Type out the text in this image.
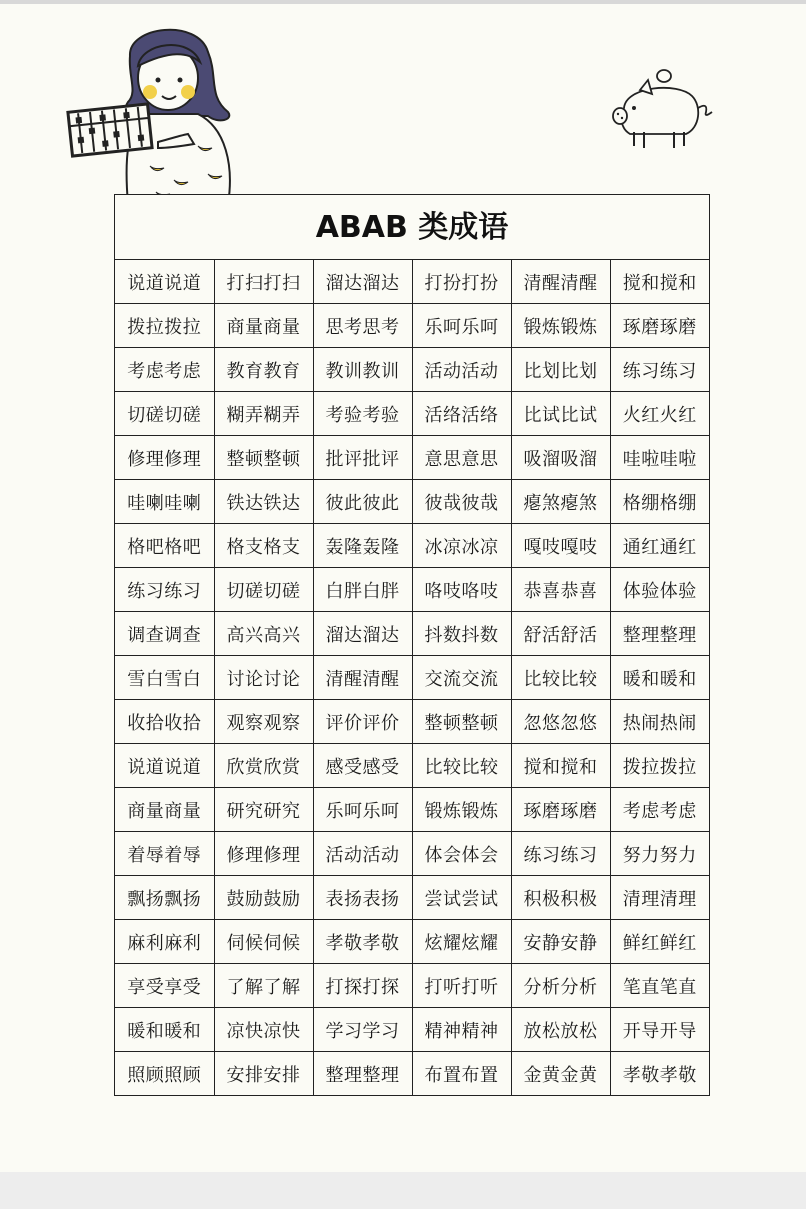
ABAB 类成语
说道说道	打扫打扫	溜达溜达	打扮打扮	清醒清醒	搅和搅和
拨拉拨拉	商量商量	思考思考	乐呵乐呵	锻炼锻炼	琢磨琢磨
考虑考虑	教育教育	教训教训	活动活动	比划比划	练习练习
切磋切磋	糊弄糊弄	考验考验	活络活络	比试比试	火红火红
修理修理	整顿整顿	批评批评	意思意思	吸溜吸溜	哇啦哇啦
哇喇哇喇	铁达铁达	彼此彼此	彼哉彼哉	瘪煞瘪煞	格绷格绷
格吧格吧	格支格支	轰隆轰隆	冰凉冰凉	嘎吱嘎吱	通红通红
练习练习	切磋切磋	白胖白胖	咯吱咯吱	恭喜恭喜	体验体验
调查调查	高兴高兴	溜达溜达	抖数抖数	舒活舒活	整理整理
雪白雪白	讨论讨论	清醒清醒	交流交流	比较比较	暖和暖和
收拾收拾	观察观察	评价评价	整顿整顿	忽悠忽悠	热闹热闹
说道说道	欣赏欣赏	感受感受	比较比较	搅和搅和	拨拉拨拉
商量商量	研究研究	乐呵乐呵	锻炼锻炼	琢磨琢磨	考虑考虑
着辱着辱	修理修理	活动活动	体会体会	练习练习	努力努力
飘扬飘扬	鼓励鼓励	表扬表扬	尝试尝试	积极积极	清理清理
麻利麻利	伺候伺候	孝敬孝敬	炫耀炫耀	安静安静	鲜红鲜红
享受享受	了解了解	打探打探	打听打听	分析分析	笔直笔直
暖和暖和	凉快凉快	学习学习	精神精神	放松放松	开导开导
照顾照顾	安排安排	整理整理	布置布置	金黄金黄	孝敬孝敬
